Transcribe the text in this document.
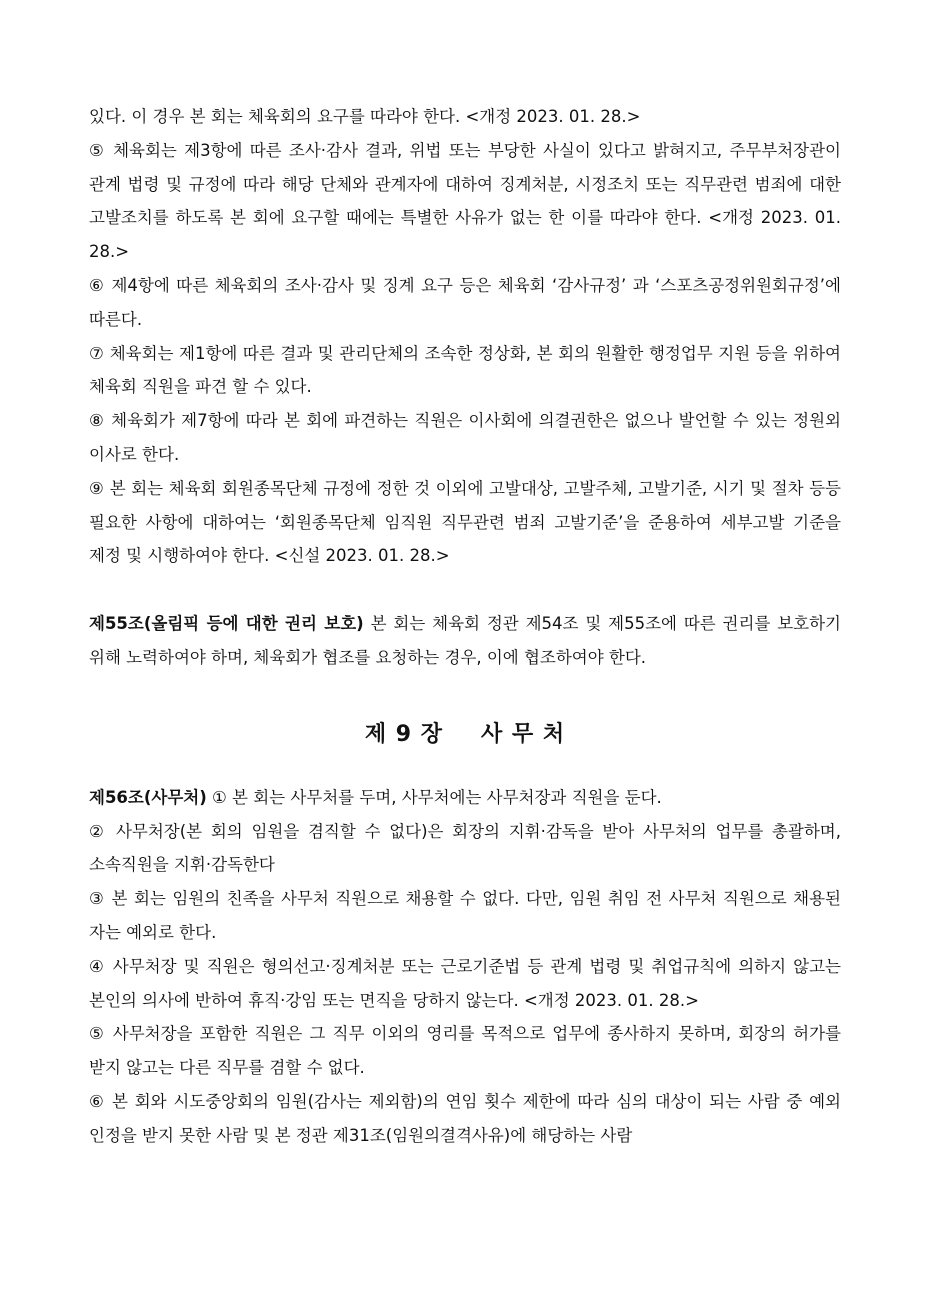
있다. 이 경우 본 회는 체육회의 요구를 따라야 한다. <개정 2023. 01. 28.>

⑤ 체육회는 제3항에 따른 조사·감사 결과, 위법 또는 부당한 사실이 있다고 밝혀지고, 주무부처장관이 관계 법령 및 규정에 따라 해당 단체와 관계자에 대하여 징계처분, 시정조치 또는 직무관련 범죄에 대한 고발조치를 하도록 본 회에 요구할 때에는 특별한 사유가 없는 한 이를 따라야 한다. <개정 2023. 01. 28.>

⑥ 제4항에 따른 체육회의 조사·감사 및 징계 요구 등은 체육회 ‘감사규정’ 과 ‘스포츠공정위원회규정’에 따른다.

⑦ 체육회는 제1항에 따른 결과 및 관리단체의 조속한 정상화, 본 회의 원활한 행정업무 지원 등을 위하여 체육회 직원을 파견 할 수 있다.

⑧ 체육회가 제7항에 따라 본 회에 파견하는 직원은 이사회에 의결권한은 없으나 발언할 수 있는 정원외 이사로 한다.

⑨ 본 회는 체육회 회원종목단체 규정에 정한 것 이외에 고발대상, 고발주체, 고발기준, 시기 및 절차 등등 필요한 사항에 대하여는 ‘회원종목단체 임직원 직무관련 범죄 고발기준’을 준용하여 세부고발 기준을 제정 및 시행하여야 한다. <신설 2023. 01. 28.>

제55조(올림픽 등에 대한 권리 보호) 본 회는 체육회 정관 제54조 및 제55조에 따른 권리를 보호하기 위해 노력하여야 하며, 체육회가 협조를 요청하는 경우, 이에 협조하여야 한다.

제 9 장 사 무 처

제56조(사무처) ① 본 회는 사무처를 두며, 사무처에는 사무처장과 직원을 둔다.

② 사무처장(본 회의 임원을 겸직할 수 없다)은 회장의 지휘·감독을 받아 사무처의 업무를 총괄하며, 소속직원을 지휘·감독한다

③ 본 회는 임원의 친족을 사무처 직원으로 채용할 수 없다. 다만, 임원 취임 전 사무처 직원으로 채용된 자는 예외로 한다.

④ 사무처장 및 직원은 형의선고·징계처분 또는 근로기준법 등 관계 법령 및 취업규칙에 의하지 않고는 본인의 의사에 반하여 휴직·강임 또는 면직을 당하지 않는다. <개정 2023. 01. 28.>

⑤ 사무처장을 포함한 직원은 그 직무 이외의 영리를 목적으로 업무에 종사하지 못하며, 회장의 허가를 받지 않고는 다른 직무를 겸할 수 없다.

⑥ 본 회와 시도중앙회의 임원(감사는 제외함)의 연임 횟수 제한에 따라 심의 대상이 되는 사람 중 예외 인정을 받지 못한 사람 및 본 정관 제31조(임원의결격사유)에 해당하는 사람
